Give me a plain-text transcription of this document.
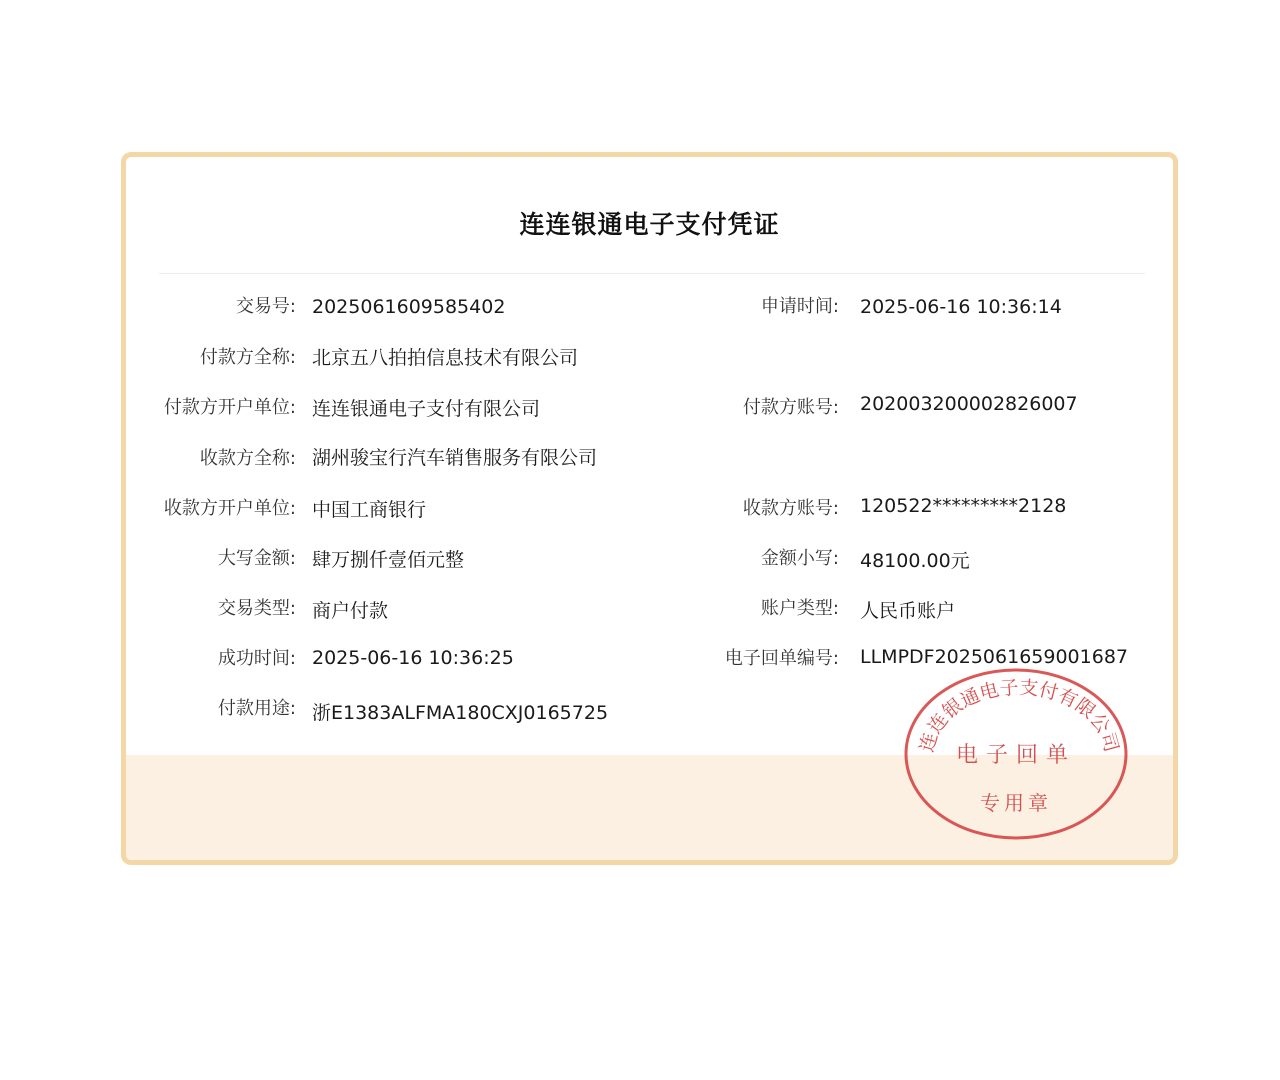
连连银通电子支付凭证
交易号: 2025061609585402	申请时间: 2025-06-16 10:36:14
付款方全称: 北京五八拍拍信息技术有限公司
付款方开户单位: 连连银通电子支付有限公司	付款方账号: 202003200002826007
收款方全称: 湖州骏宝行汽车销售服务有限公司
收款方开户单位: 中国工商银行	收款方账号: 120522*********2128
大写金额: 肆万捌仟壹佰元整	金额小写: 48100.00元
交易类型: 商户付款	账户类型: 人民币账户
成功时间: 2025-06-16 10:36:25	电子回单编号: LLMPDF2025061659001687
付款用途: 浙E1383ALFMA180CXJ0165725
连连银通电子支付有限公司
电子回单
专用章
